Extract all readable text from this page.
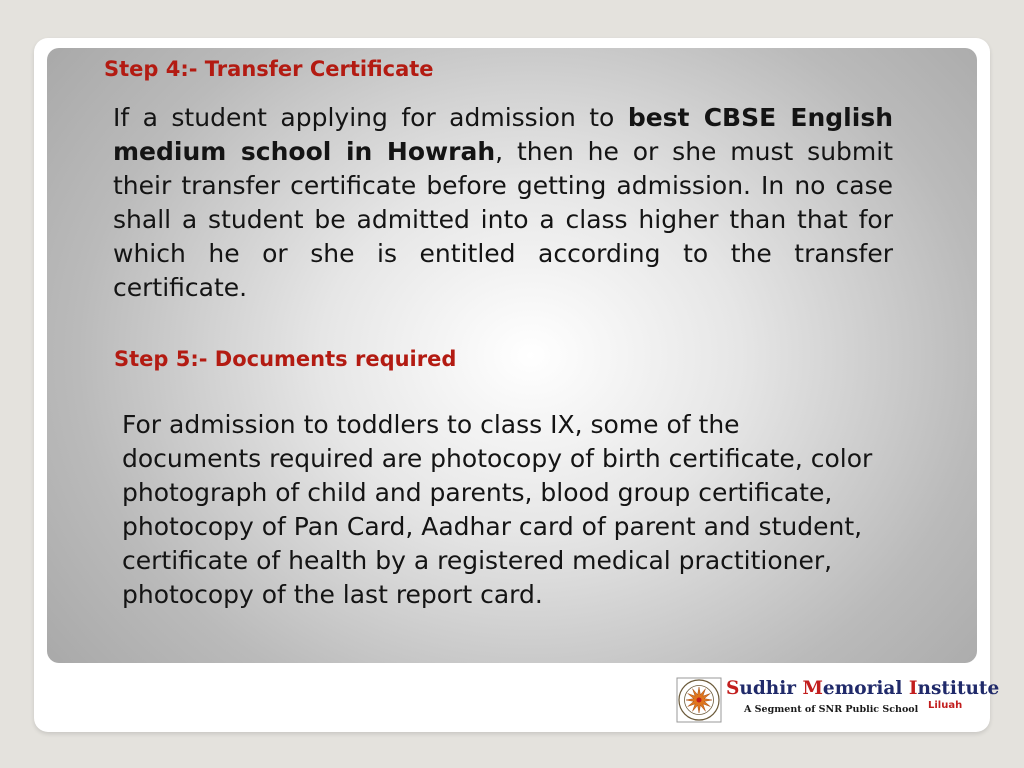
Step 4:- Transfer Certificate

If a student applying for admission to best CBSE English medium school in Howrah, then he or she must submit their transfer certificate before getting admission. In no case shall a student be admitted into a class higher than that for which he or she is entitled according to the transfer certificate.

Step 5:- Documents required

For admission to toddlers to class IX, some of the documents required are photocopy of birth certificate, color photograph of child and parents, blood group certificate, photocopy of Pan Card, Aadhar card of parent and student, certificate of health by a registered medical practitioner, photocopy of the last report card.

Sudhir Memorial Institute
A Segment of SNR Public School Liluah
